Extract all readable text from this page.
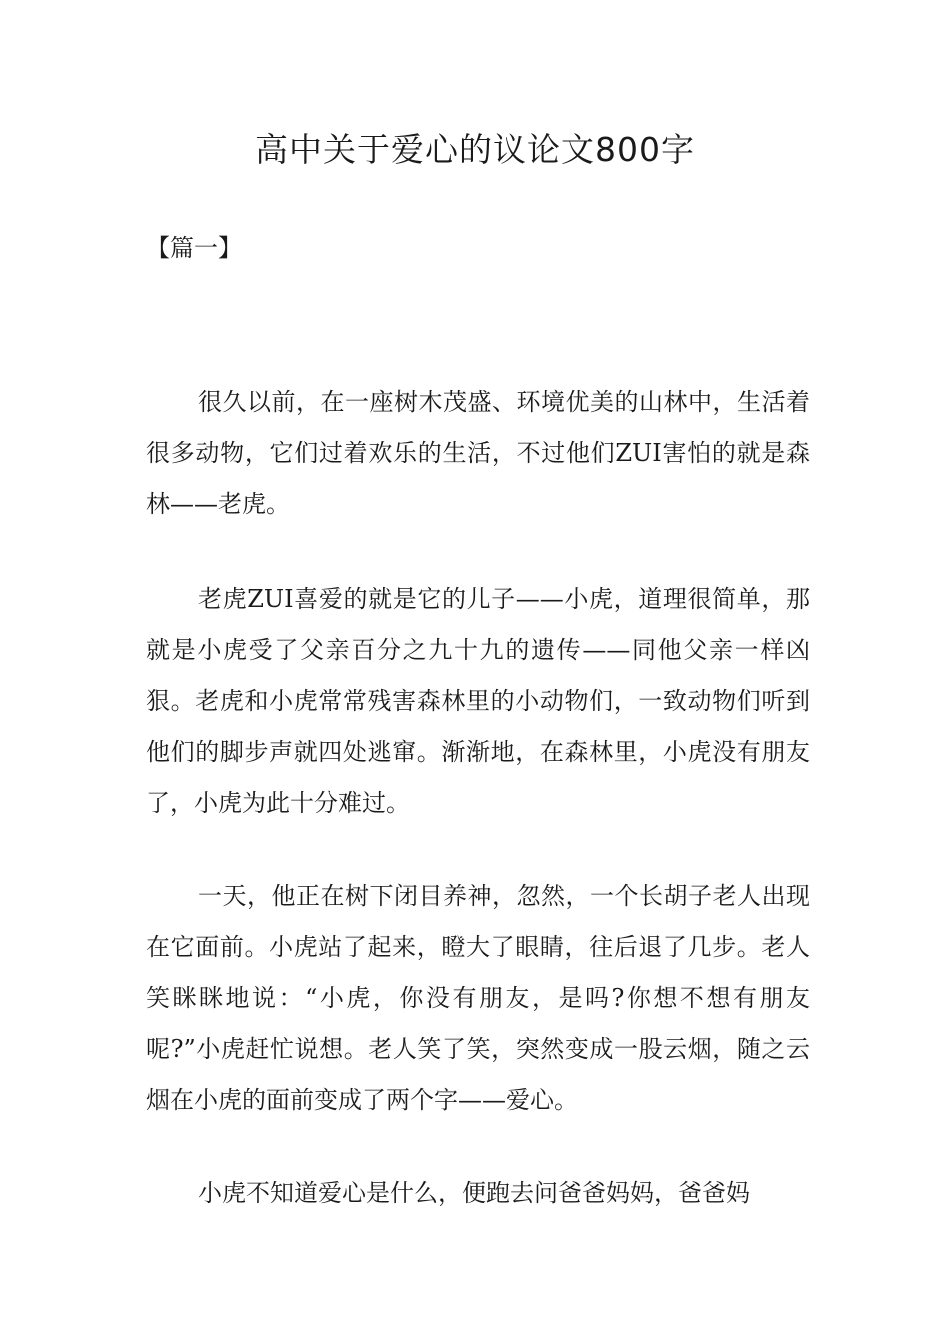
高中关于爱心的议论文800字
【篇一】

很久以前，在一座树木茂盛、环境优美的山林中，生活着很多动物，它们过着欢乐的生活，不过他们ZUI害怕的就是森林——老虎。

老虎ZUI喜爱的就是它的儿子——小虎，道理很简单，那就是小虎受了父亲百分之九十九的遗传——同他父亲一样凶狠。老虎和小虎常常残害森林里的小动物们，一致动物们听到他们的脚步声就四处逃窜。渐渐地，在森林里，小虎没有朋友了，小虎为此十分难过。

一天，他正在树下闭目养神，忽然，一个长胡子老人出现在它面前。小虎站了起来，瞪大了眼睛，往后退了几步。老人笑眯眯地说：“小虎，你没有朋友，是吗?你想不想有朋友呢?”小虎赶忙说想。老人笑了笑，突然变成一股云烟，随之云烟在小虎的面前变成了两个字——爱心。

小虎不知道爱心是什么，便跑去问爸爸妈妈，爸爸妈
